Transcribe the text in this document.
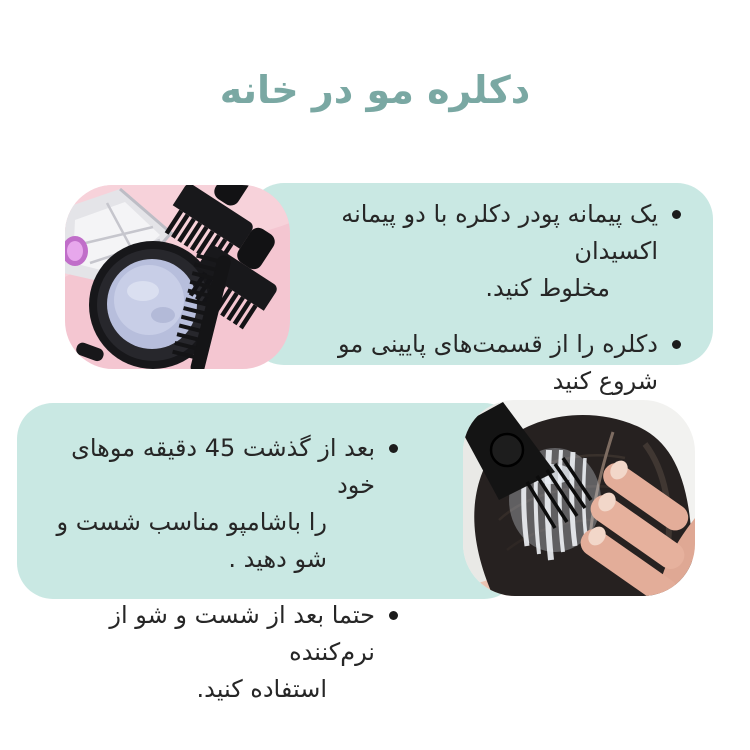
دکلره مو در خانه
یک پیمانه پودر دکلره با دو پیمانه اکسیدان
مخلوط کنید.
دکلره را از قسمت‌های پایینی مو شروع کنید
بعد از گذشت 45 دقیقه موهای خود
را باشامپو مناسب شست و شو دهید .
حتما بعد از شست و شو از نرم‌کننده
استفاده کنید.
